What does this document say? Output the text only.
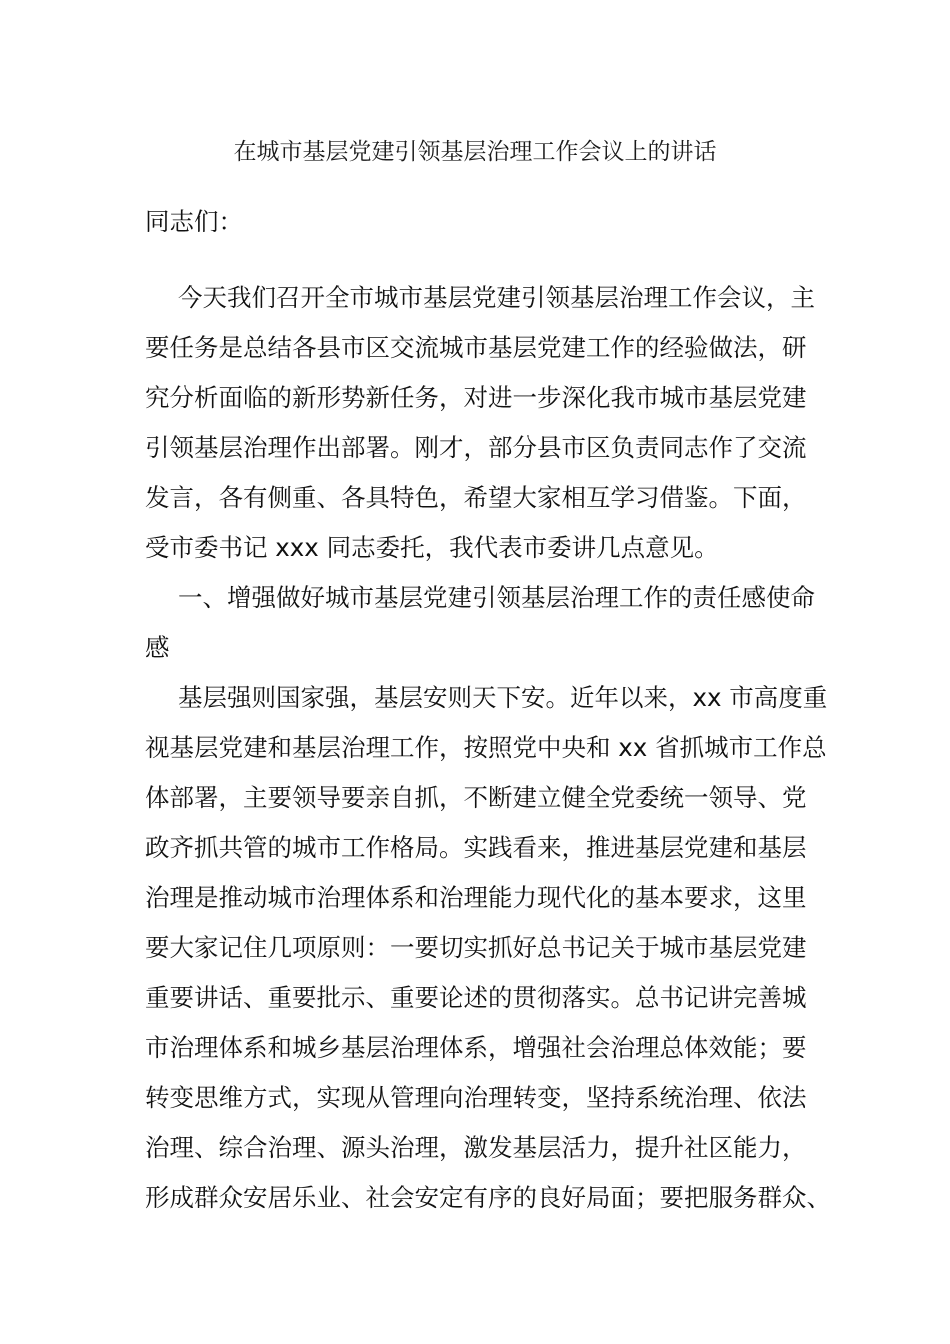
在城市基层党建引领基层治理工作会议上的讲话
同志们：
今天我们召开全市城市基层党建引领基层治理工作会议，主
要任务是总结各县市区交流城市基层党建工作的经验做法，研
究分析面临的新形势新任务，对进一步深化我市城市基层党建
引领基层治理作出部署。刚才，部分县市区负责同志作了交流
发言，各有侧重、各具特色，希望大家相互学习借鉴。下面，
受市委书记 xxx 同志委托，我代表市委讲几点意见。
一、增强做好城市基层党建引领基层治理工作的责任感使命
感
基层强则国家强，基层安则天下安。近年以来，xx 市高度重
视基层党建和基层治理工作，按照党中央和 xx 省抓城市工作总
体部署，主要领导要亲自抓，不断建立健全党委统一领导、党
政齐抓共管的城市工作格局。实践看来，推进基层党建和基层
治理是推动城市治理体系和治理能力现代化的基本要求，这里
要大家记住几项原则：一要切实抓好总书记关于城市基层党建
重要讲话、重要批示、重要论述的贯彻落实。总书记讲完善城
市治理体系和城乡基层治理体系，增强社会治理总体效能；要
转变思维方式，实现从管理向治理转变，坚持系统治理、依法
治理、综合治理、源头治理，激发基层活力，提升社区能力，
形成群众安居乐业、社会安定有序的良好局面；要把服务群众、
